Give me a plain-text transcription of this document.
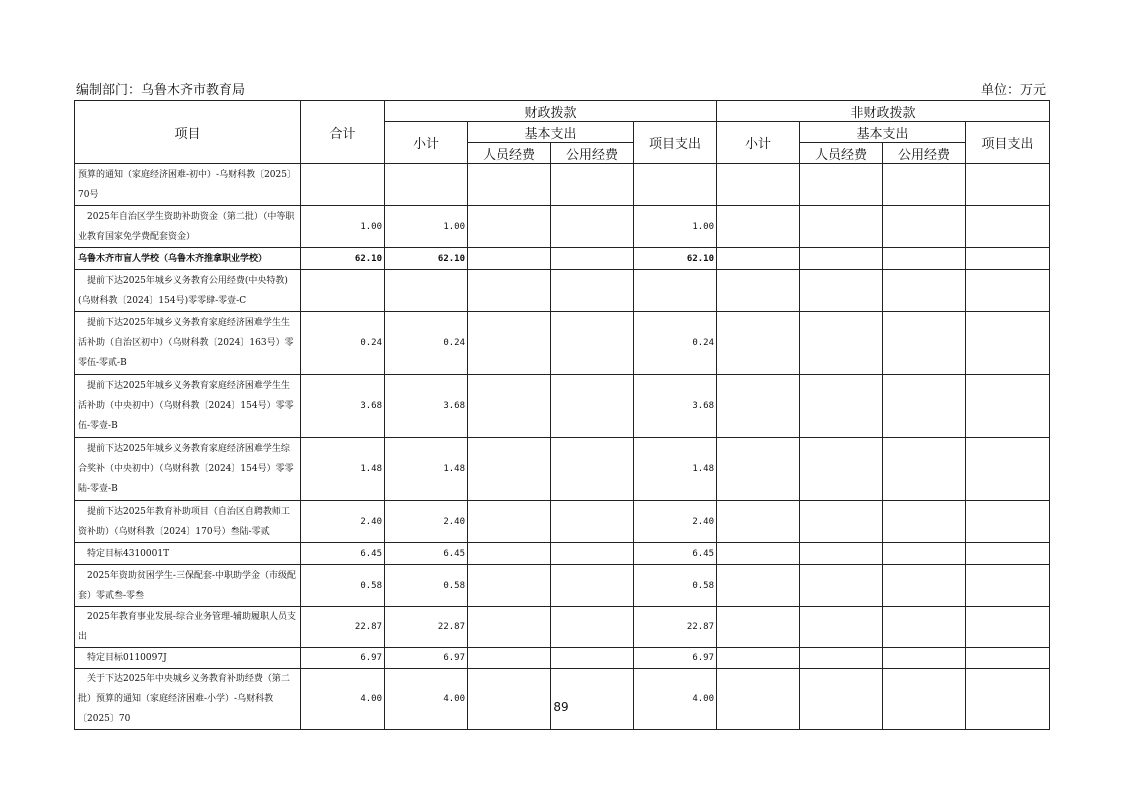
编制部门：乌鲁木齐市教育局	单位：万元
项目	合计	财政拨款				非财政拨款			
		小计	基本支出		项目支出	小计	基本支出		项目支出
			人员经费	公用经费			人员经费	公用经费	
预算的通知（家庭经济困难-初中）-乌财科教〔2025〕70号									
2025年自治区学生资助补助资金（第二批）（中等职业教育国家免学费配套资金）	1.00	1.00			1.00				
乌鲁木齐市盲人学校（乌鲁木齐推拿职业学校）	62.10	62.10			62.10				
提前下达2025年城乡义务教育公用经费(中央特教)(乌财科教〔2024〕154号)零零肆-零壹-C									
提前下达2025年城乡义务教育家庭经济困难学生生活补助（自治区初中）（乌财科教〔2024〕163号）零零伍-零贰-B	0.24	0.24			0.24				
提前下达2025年城乡义务教育家庭经济困难学生生活补助（中央初中）（乌财科教〔2024〕154号）零零伍-零壹-B	3.68	3.68			3.68				
提前下达2025年城乡义务教育家庭经济困难学生综合奖补（中央初中）（乌财科教〔2024〕154号）零零陆-零壹-B	1.48	1.48			1.48				
提前下达2025年教育补助项目（自治区自聘教师工资补助）（乌财科教〔2024〕170号）叁陆-零贰	2.40	2.40			2.40				
特定目标4310001T	6.45	6.45			6.45				
2025年资助贫困学生-三保配套-中职助学金（市级配套）零贰叁-零叁	0.58	0.58			0.58				
2025年教育事业发展-综合业务管理-辅助履职人员支出	22.87	22.87			22.87				
特定目标0110097J	6.97	6.97			6.97				
关于下达2025年中央城乡义务教育补助经费（第二批）预算的通知（家庭经济困难-小学）-乌财科教〔2025〕70	4.00	4.00			4.00				
89
